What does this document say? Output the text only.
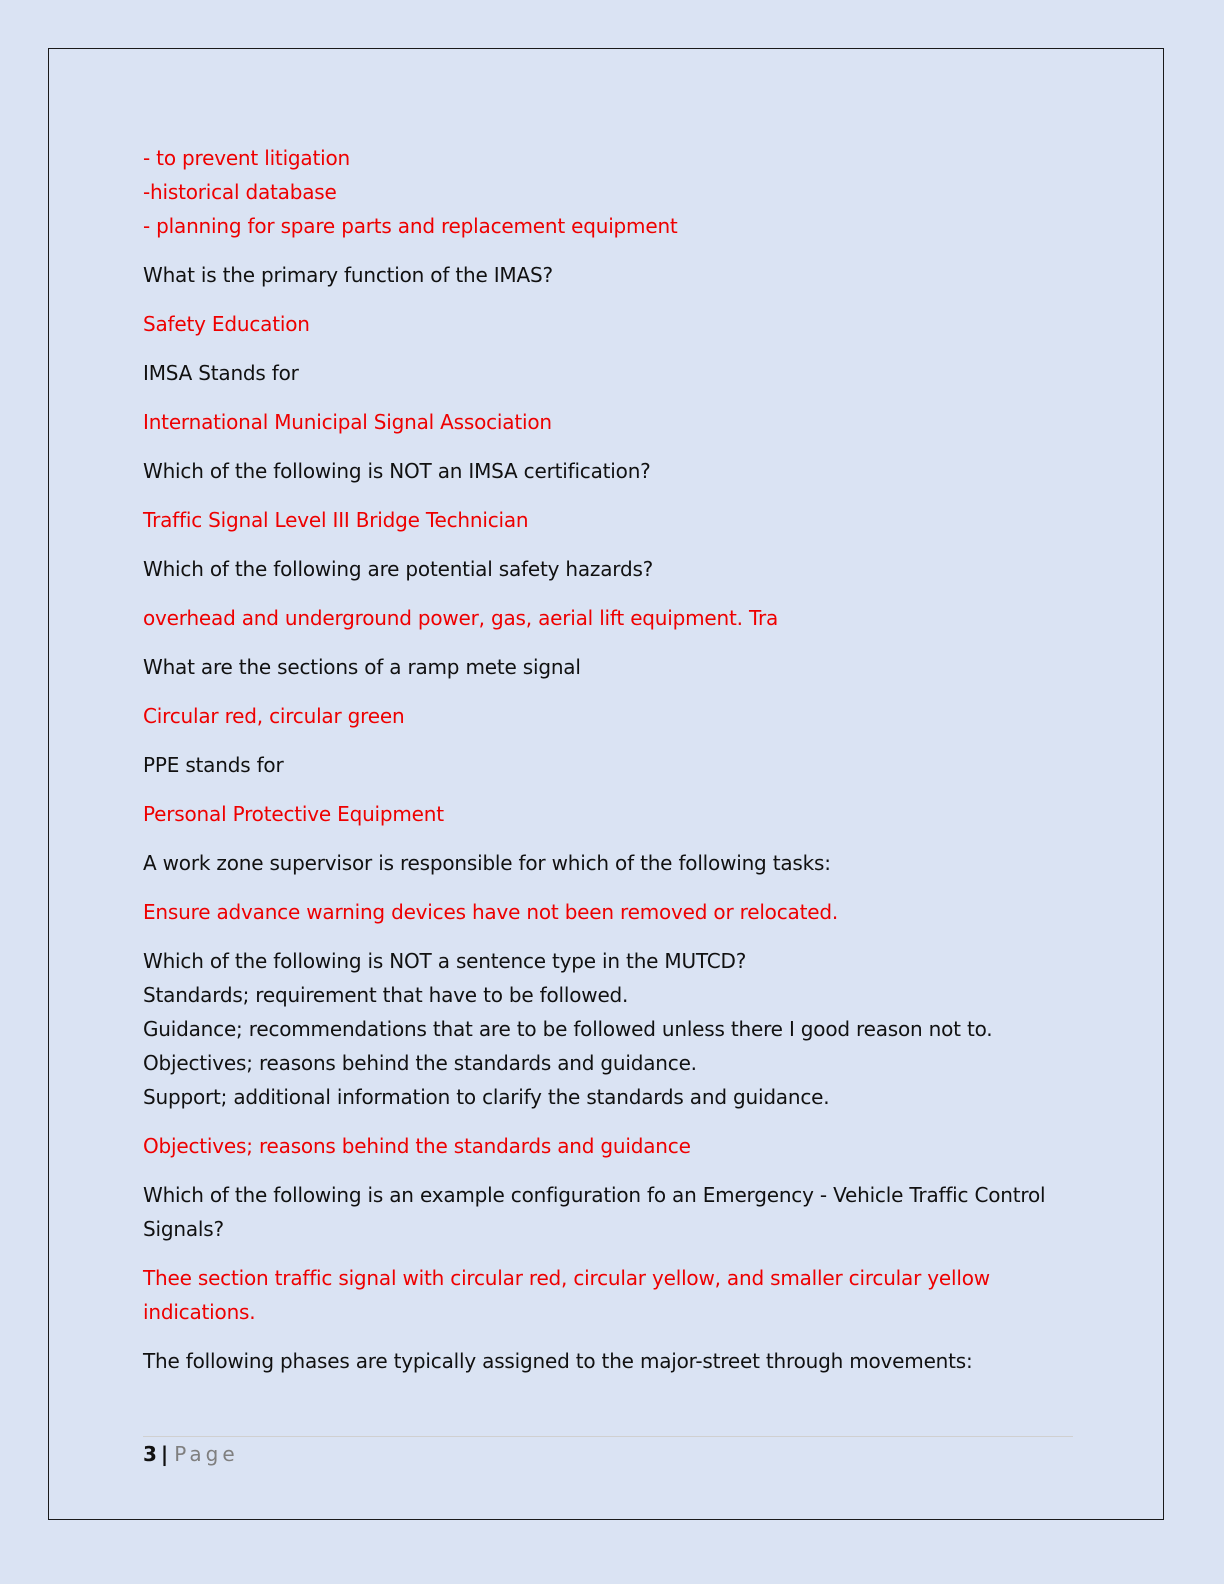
- to prevent litigation
-historical database
- planning for spare parts and replacement equipment
What is the primary function of the IMAS?
Safety Education
IMSA Stands for
International Municipal Signal Association
Which of the following is NOT an IMSA certification?
Traffic Signal Level III Bridge Technician
Which of the following are potential safety hazards?
overhead and underground power, gas, aerial lift equipment. Tra
What are the sections of a ramp mete signal
Circular red, circular green
PPE stands for
Personal Protective Equipment
A work zone supervisor is responsible for which of the following tasks:
Ensure advance warning devices have not been removed or relocated.
Which of the following is NOT a sentence type in the MUTCD?
Standards; requirement that have to be followed.
Guidance; recommendations that are to be followed unless there I good reason not to.
Objectives; reasons behind the standards and guidance.
Support; additional information to clarify the standards and guidance.
Objectives; reasons behind the standards and guidance
Which of the following is an example configuration fo an Emergency - Vehicle Traffic Control Signals?
Thee section traffic signal with circular red, circular yellow, and smaller circular yellow indications.
The following phases are typically assigned to the major-street through movements:
3 | Page
